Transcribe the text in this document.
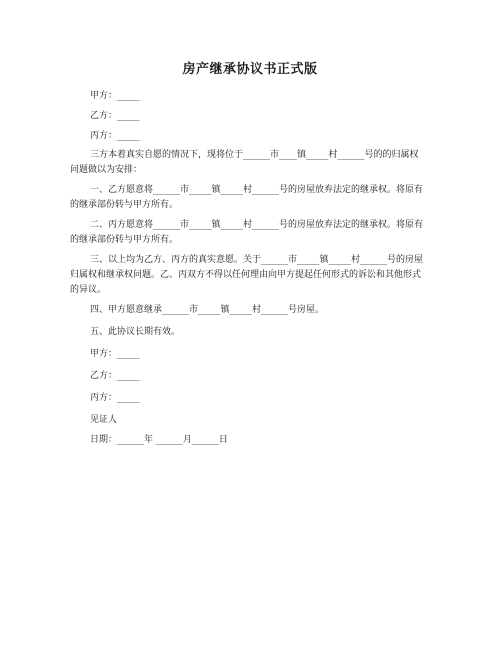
房产继承协议书正式版
甲方：_____
乙方：_____
丙方：_____
三方本着真实自愿的情况下，现将位于______市____镇_____村______号的的归属权
问题做以为安排：
一、乙方愿意将______市_____镇_____村______号的房屋放弃法定的继承权。将原有
的继承部份转与甲方所有。
二、丙方愿意将______市_____镇_____村______号的房屋放弃法定的继承权。将原有
的继承部份转与甲方所有。
三、以上均为乙方、丙方的真实意愿。关于______市_____镇_____村______号的房屋
归属权和继承权问题。乙、丙双方不得以任何理由向甲方提起任何形式的诉讼和其他形式
的异议。
四、甲方愿意继承______市_____镇_____村______号房屋。
五、此协议长期有效。
甲方：_____
乙方：_____
丙方：_____
见证人
日期：______年 ______月______日
